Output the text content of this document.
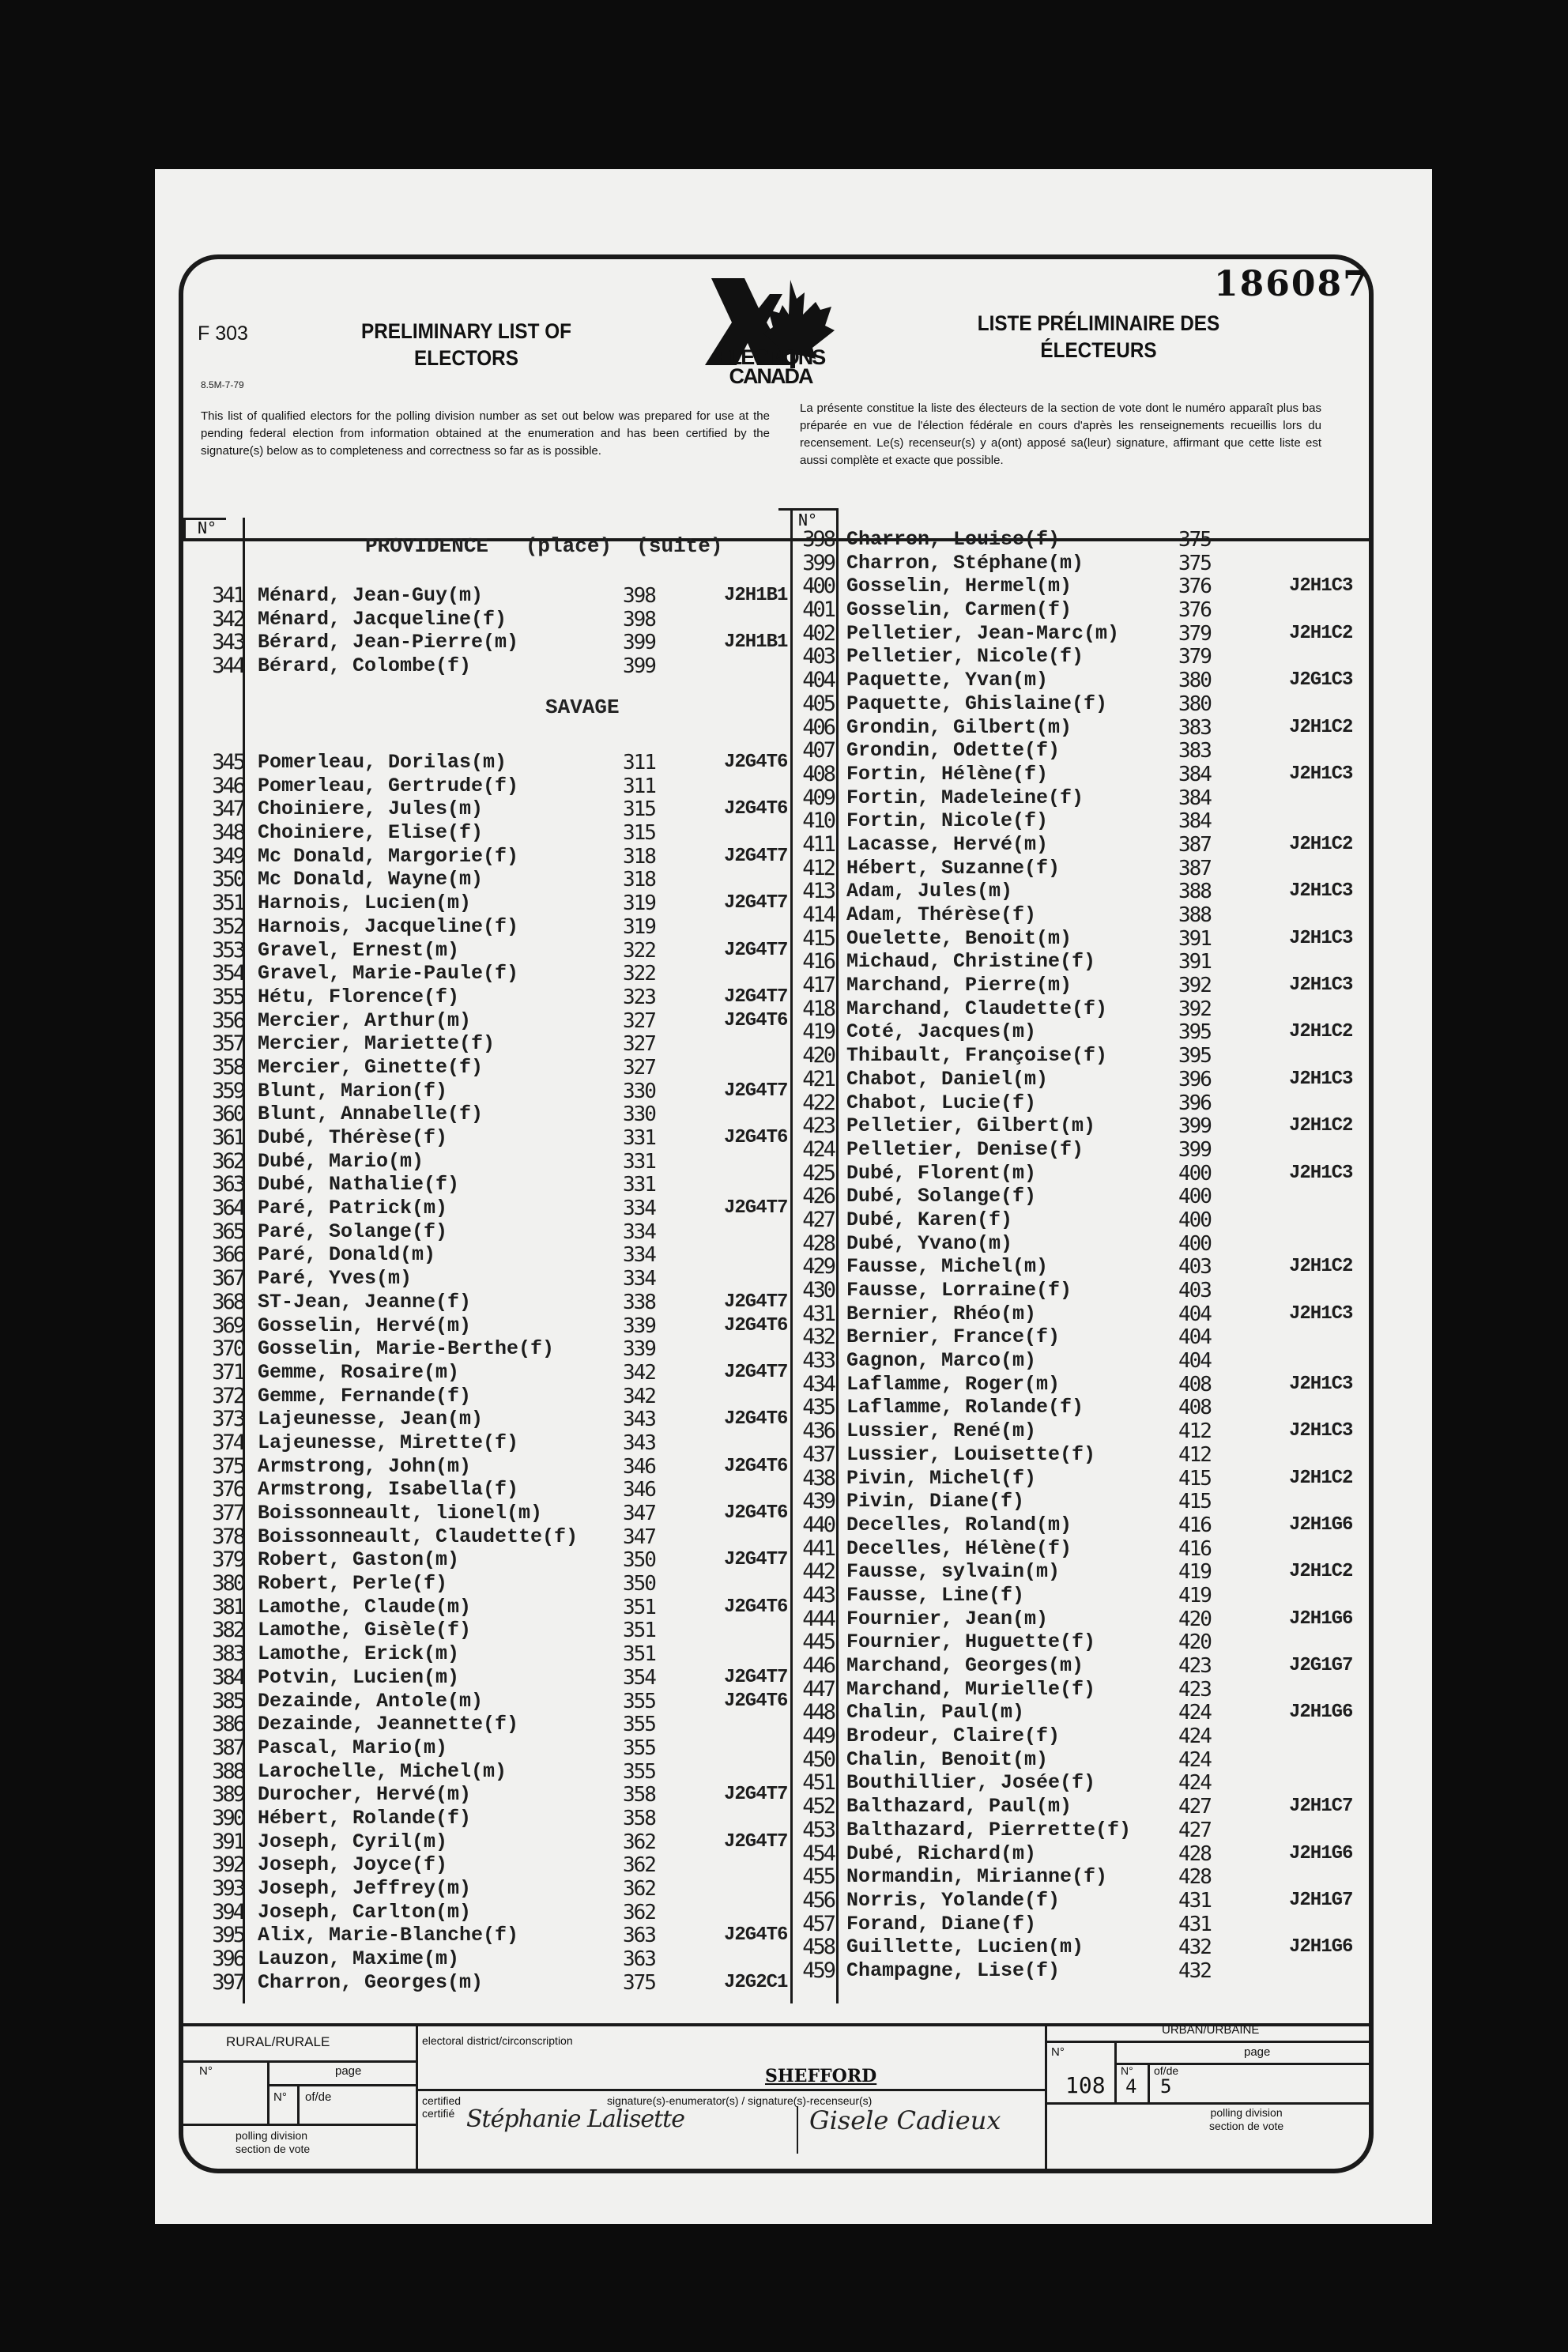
186087
F 303	PRELIMINARY LIST OF
ELECTORS
LISTE PRÉLIMINAIRE DES
ÉLECTEURS
8.5M-7-79
ELECTIONS
CANADA
This list of qualified electors for the polling division number as set out below was prepared for use at the pending federal election from information obtained at the enumeration and has been certified by the signature(s) below as to completeness and correctness so far as is possible.
La présente constitue la liste des électeurs de la section de vote dont le numéro apparaît plus bas préparée en vue de l'élection fédérale en cours d'après les renseignements recueillis lors du recensement. Le(s) recenseur(s) y a(ont) apposé sa(leur) signature, affirmant que cette liste est aussi complète et exacte que possible.
N°	N°
PROVIDENCE   (place)  (suite)
SAVAGE
341 Ménard, Jean-Guy(m)	398	J2H1B1
342 Ménard, Jacqueline(f)	398
343 Bérard, Jean-Pierre(m)	399	J2H1B1
344 Bérard, Colombe(f)	399
345 Pomerleau, Dorilas(m)	311	J2G4T6
346 Pomerleau, Gertrude(f)	311
347 Choiniere, Jules(m)	315	J2G4T6
348 Choiniere, Elise(f)	315
349 Mc Donald, Margorie(f)	318	J2G4T7
350 Mc Donald, Wayne(m)	318
351 Harnois, Lucien(m)	319	J2G4T7
352 Harnois, Jacqueline(f)	319
353 Gravel, Ernest(m)	322	J2G4T7
354 Gravel, Marie-Paule(f)	322
355 Hétu, Florence(f)	323	J2G4T7
356 Mercier, Arthur(m)	327	J2G4T6
357 Mercier, Mariette(f)	327
358 Mercier, Ginette(f)	327
359 Blunt, Marion(f)	330	J2G4T7
360 Blunt, Annabelle(f)	330
361 Dubé, Thérèse(f)	331	J2G4T6
362 Dubé, Mario(m)	331
363 Dubé, Nathalie(f)	331
364 Paré, Patrick(m)	334	J2G4T7
365 Paré, Solange(f)	334
366 Paré, Donald(m)	334
367 Paré, Yves(m)	334
368 ST-Jean, Jeanne(f)	338	J2G4T7
369 Gosselin, Hervé(m)	339	J2G4T6
370 Gosselin, Marie-Berthe(f)	339
371 Gemme, Rosaire(m)	342	J2G4T7
372 Gemme, Fernande(f)	342
373 Lajeunesse, Jean(m)	343	J2G4T6
374 Lajeunesse, Mirette(f)	343
375 Armstrong, John(m)	346	J2G4T6
376 Armstrong, Isabella(f)	346
377 Boissonneault, lionel(m)	347	J2G4T6
378 Boissonneault, Claudette(f) 347
379 Robert, Gaston(m)	350	J2G4T7
380 Robert, Perle(f)	350
381 Lamothe, Claude(m)	351	J2G4T6
382 Lamothe, Gisèle(f)	351
383 Lamothe, Erick(m)	351
384 Potvin, Lucien(m)	354	J2G4T7
385 Dezainde, Antole(m)	355	J2G4T6
386 Dezainde, Jeannette(f)	355
387 Pascal, Mario(m)	355
388 Larochelle, Michel(m)	355
389 Durocher, Hervé(m)	358	J2G4T7
390 Hébert, Rolande(f)	358
391 Joseph, Cyril(m)	362	J2G4T7
392 Joseph, Joyce(f)	362
393 Joseph, Jeffrey(m)	362
394 Joseph, Carlton(m)	362
395 Alix, Marie-Blanche(f)	363	J2G4T6
396 Lauzon, Maxime(m)	363
397 Charron, Georges(m)	375	J2G2C1
398 Charron, Louise(f)	375
399 Charron, Stéphane(m)	375
400 Gosselin, Hermel(m)	376	J2H1C3
401 Gosselin, Carmen(f)	376
402 Pelletier, Jean-Marc(m)	379	J2H1C2
403 Pelletier, Nicole(f)	379
404 Paquette, Yvan(m)	380	J2G1C3
405 Paquette, Ghislaine(f)	380
406 Grondin, Gilbert(m)	383	J2H1C2
407 Grondin, Odette(f)	383
408 Fortin, Hélène(f)	384	J2H1C3
409 Fortin, Madeleine(f)	384
410 Fortin, Nicole(f)	384
411 Lacasse, Hervé(m)	387	J2H1C2
412 Hébert, Suzanne(f)	387
413 Adam, Jules(m)	388	J2H1C3
414 Adam, Thérèse(f)	388
415 Ouelette, Benoit(m)	391	J2H1C3
416 Michaud, Christine(f)	391
417 Marchand, Pierre(m)	392	J2H1C3
418 Marchand, Claudette(f)	392
419 Coté, Jacques(m)	395	J2H1C2
420 Thibault, Françoise(f)	395
421 Chabot, Daniel(m)	396	J2H1C3
422 Chabot, Lucie(f)	396
423 Pelletier, Gilbert(m)	399	J2H1C2
424 Pelletier, Denise(f)	399
425 Dubé, Florent(m)	400	J2H1C3
426 Dubé, Solange(f)	400
427 Dubé, Karen(f)	400
428 Dubé, Yvano(m)	400
429 Fausse, Michel(m)	403	J2H1C2
430 Fausse, Lorraine(f)	403
431 Bernier, Rhéo(m)	404	J2H1C3
432 Bernier, France(f)	404
433 Gagnon, Marco(m)	404
434 Laflamme, Roger(m)	408	J2H1C3
435 Laflamme, Rolande(f)	408
436 Lussier, René(m)	412	J2H1C3
437 Lussier, Louisette(f)	412
438 Pivin, Michel(f)	415	J2H1C2
439 Pivin, Diane(f)	415
440 Decelles, Roland(m)	416	J2H1G6
441 Decelles, Hélène(f)	416
442 Fausse, sylvain(m)	419	J2H1C2
443 Fausse, Line(f)	419
444 Fournier, Jean(m)	420	J2H1G6
445 Fournier, Huguette(f)	420
446 Marchand, Georges(m)	423	J2G1G7
447 Marchand, Murielle(f)	423
448 Chalin, Paul(m)	424	J2H1G6
449 Brodeur, Claire(f)	424
450 Chalin, Benoit(m)	424
451 Bouthillier, Josée(f)	424
452 Balthazard, Paul(m)	427	J2H1C7
453 Balthazard, Pierrette(f) 427
454 Dubé, Richard(m)	428	J2H1G6
455 Normandin, Mirianne(f)	428
456 Norris, Yolande(f)	431	J2H1G7
457 Forand, Diane(f)	431
458 Guillette, Lucien(m)	432	J2H1G6
459 Champagne, Lise(f)	432
RURAL/RURALE
N°	page
N° of/de
polling division
section de vote
electoral district/circonscription
SHEFFORD
certified
certifié
signature(s)-enumerator(s) / signature(s)-recenseur(s)
Stéphanie Lalisette	Gisele Cadieux
URBAN/URBAINE
N°	page
N° of/de
108 4 5
polling division
section de vote
